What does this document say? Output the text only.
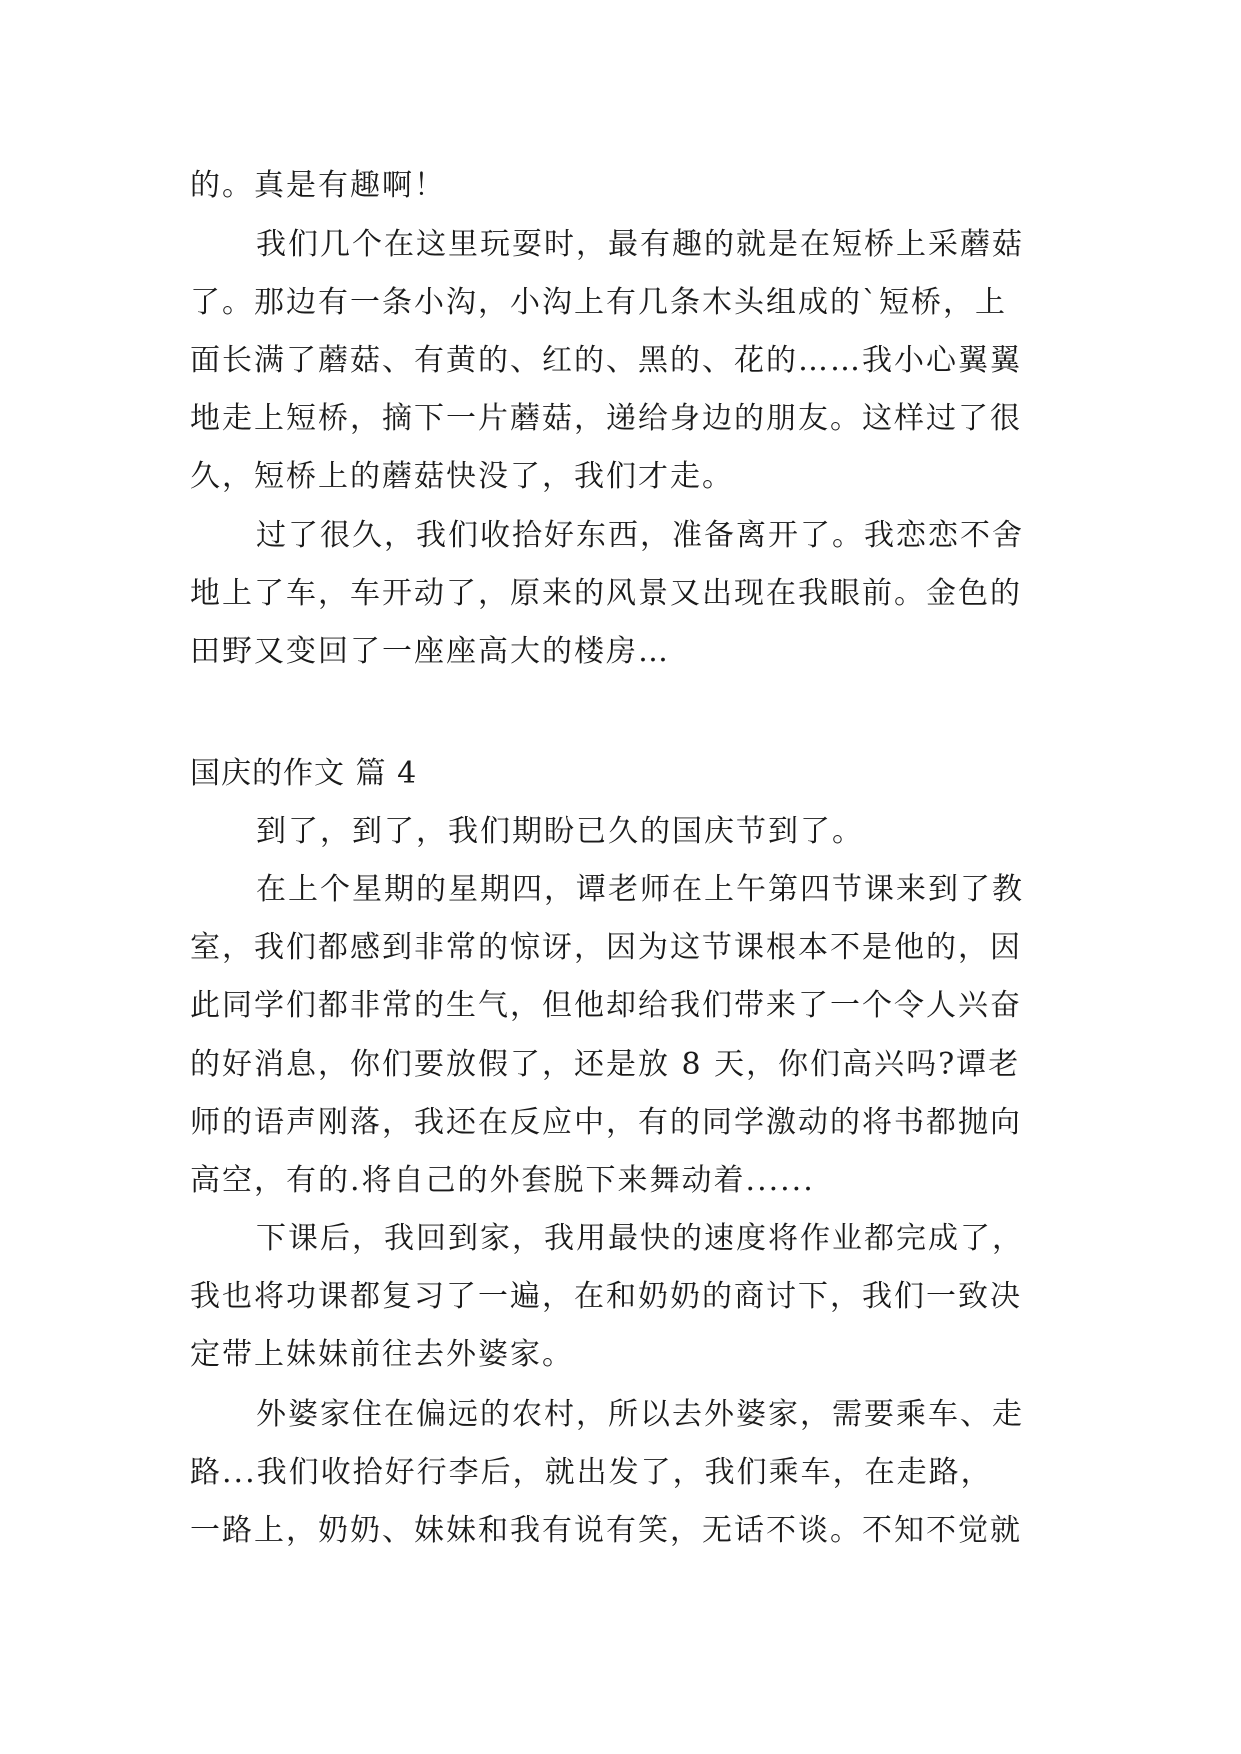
的。真是有趣啊！
我们几个在这里玩耍时，最有趣的就是在短桥上采蘑菇
了。那边有一条小沟，小沟上有几条木头组成的`短桥，上
面长满了蘑菇、有黄的、红的、黑的、花的……我小心翼翼
地走上短桥，摘下一片蘑菇，递给身边的朋友。这样过了很
久，短桥上的蘑菇快没了，我们才走。
过了很久，我们收拾好东西，准备离开了。我恋恋不舍
地上了车，车开动了，原来的风景又出现在我眼前。金色的
田野又变回了一座座高大的楼房…
国庆的作文 篇 4
到了，到了，我们期盼已久的国庆节到了。
在上个星期的星期四，谭老师在上午第四节课来到了教
室，我们都感到非常的惊讶，因为这节课根本不是他的，因
此同学们都非常的生气，但他却给我们带来了一个令人兴奋
的好消息，你们要放假了，还是放 8 天，你们高兴吗?谭老
师的语声刚落，我还在反应中，有的同学激动的将书都抛向
高空，有的.将自己的外套脱下来舞动着......
下课后，我回到家，我用最快的速度将作业都完成了，
我也将功课都复习了一遍，在和奶奶的商讨下，我们一致决
定带上妹妹前往去外婆家。
外婆家住在偏远的农村，所以去外婆家，需要乘车、走
路...我们收拾好行李后，就出发了，我们乘车，在走路，
一路上，奶奶、妹妹和我有说有笑，无话不谈。不知不觉就
